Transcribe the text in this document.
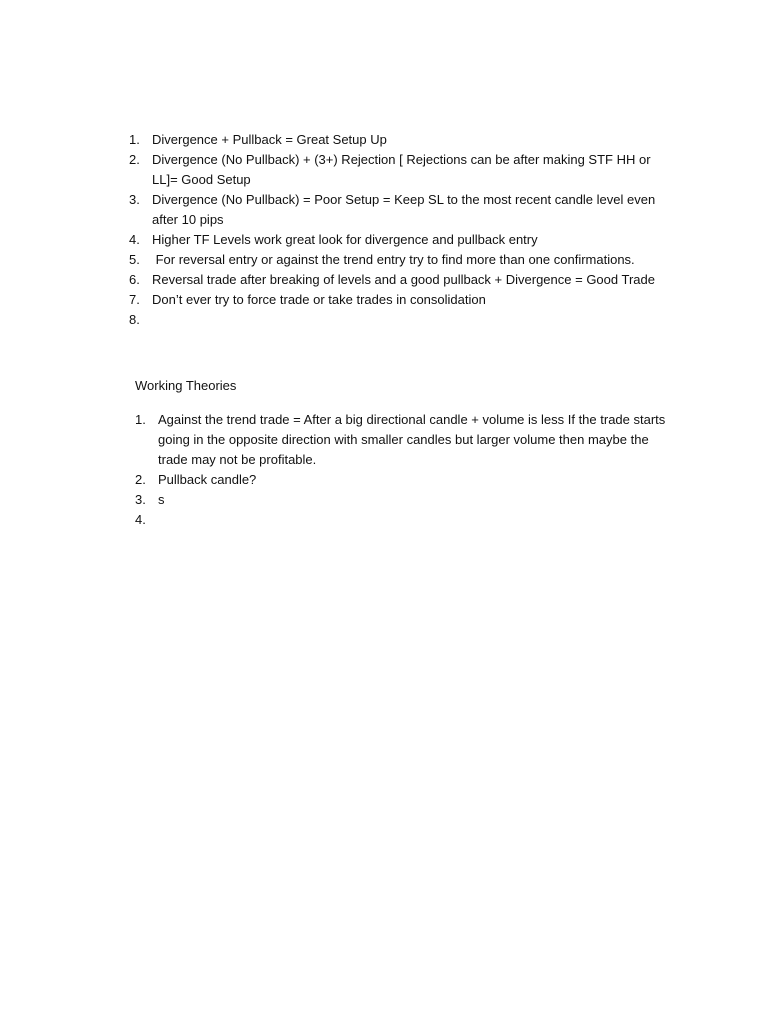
1. Divergence + Pullback = Great Setup Up
2. Divergence (No Pullback) + (3+) Rejection [ Rejections can be after making STF HH or LL]= Good Setup
3. Divergence (No Pullback) = Poor Setup = Keep SL to the most recent candle level even after 10 pips
4. Higher TF Levels work great look for divergence and pullback entry
5. For reversal entry or against the trend entry try to find more than one confirmations.
6. Reversal trade after breaking of levels and a good pullback + Divergence = Good Trade
7. Don’t ever try to force trade or take trades in consolidation
8.

Working Theories
1. Against the trend trade = After a big directional candle + volume is less If the trade starts going in the opposite direction with smaller candles but larger volume then maybe the trade may not be profitable.
2. Pullback candle?
3. s
4.
